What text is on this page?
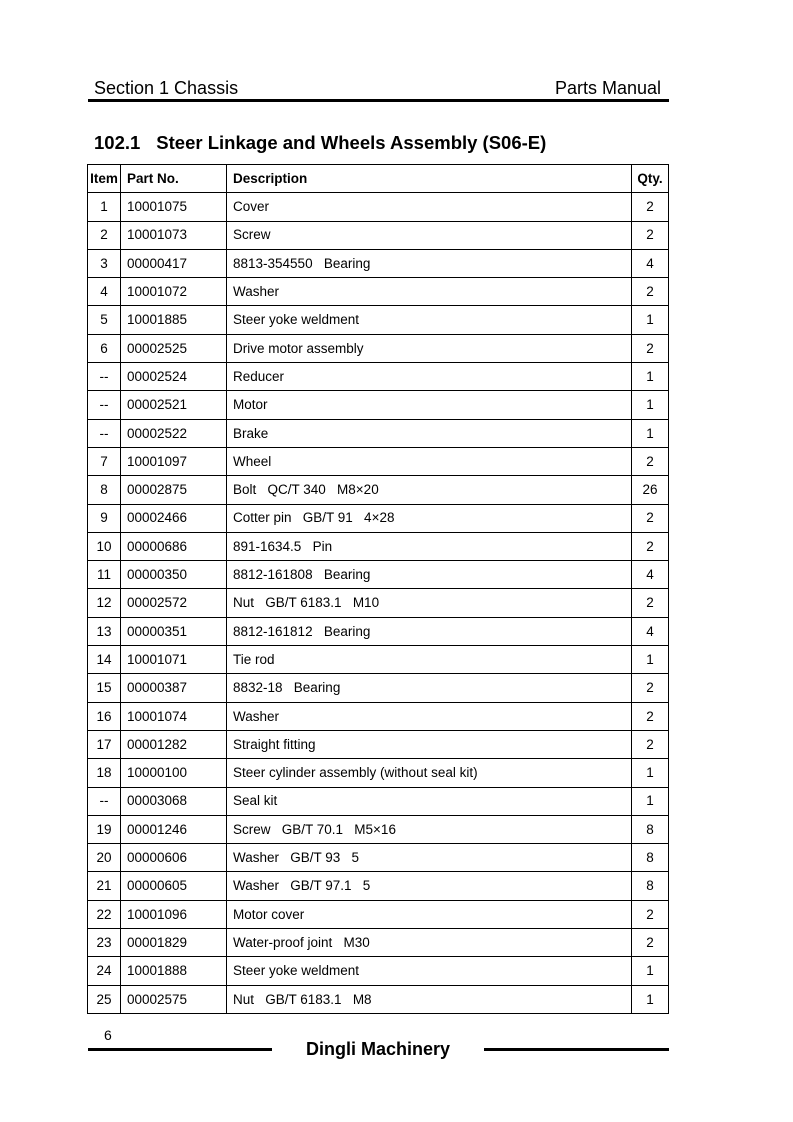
Section 1 Chassis	Parts Manual
102.1 Steer Linkage and Wheels Assembly (S06-E)
Item	Part No.	Description	Qty.
1	10001075	Cover	2
2	10001073	Screw	2
3	00000417	8813-354550   Bearing	4
4	10001072	Washer	2
5	10001885	Steer yoke weldment	1
6	00002525	Drive motor assembly	2
--	00002524	Reducer	1
--	00002521	Motor	1
--	00002522	Brake	1
7	10001097	Wheel	2
8	00002875	Bolt   QC/T 340   M8×20	26
9	00002466	Cotter pin   GB/T 91   4×28	2
10	00000686	891-1634.5   Pin	2
11	00000350	8812-161808   Bearing	4
12	00002572	Nut   GB/T 6183.1   M10	2
13	00000351	8812-161812   Bearing	4
14	10001071	Tie rod	1
15	00000387	8832-18   Bearing	2
16	10001074	Washer	2
17	00001282	Straight fitting	2
18	10000100	Steer cylinder assembly (without seal kit)	1
--	00003068	Seal kit	1
19	00001246	Screw   GB/T 70.1   M5×16	8
20	00000606	Washer   GB/T 93   5	8
21	00000605	Washer   GB/T 97.1   5	8
22	10001096	Motor cover	2
23	00001829	Water-proof joint   M30	2
24	10001888	Steer yoke weldment	1
25	00002575	Nut   GB/T 6183.1   M8	1
6
Dingli Machinery
